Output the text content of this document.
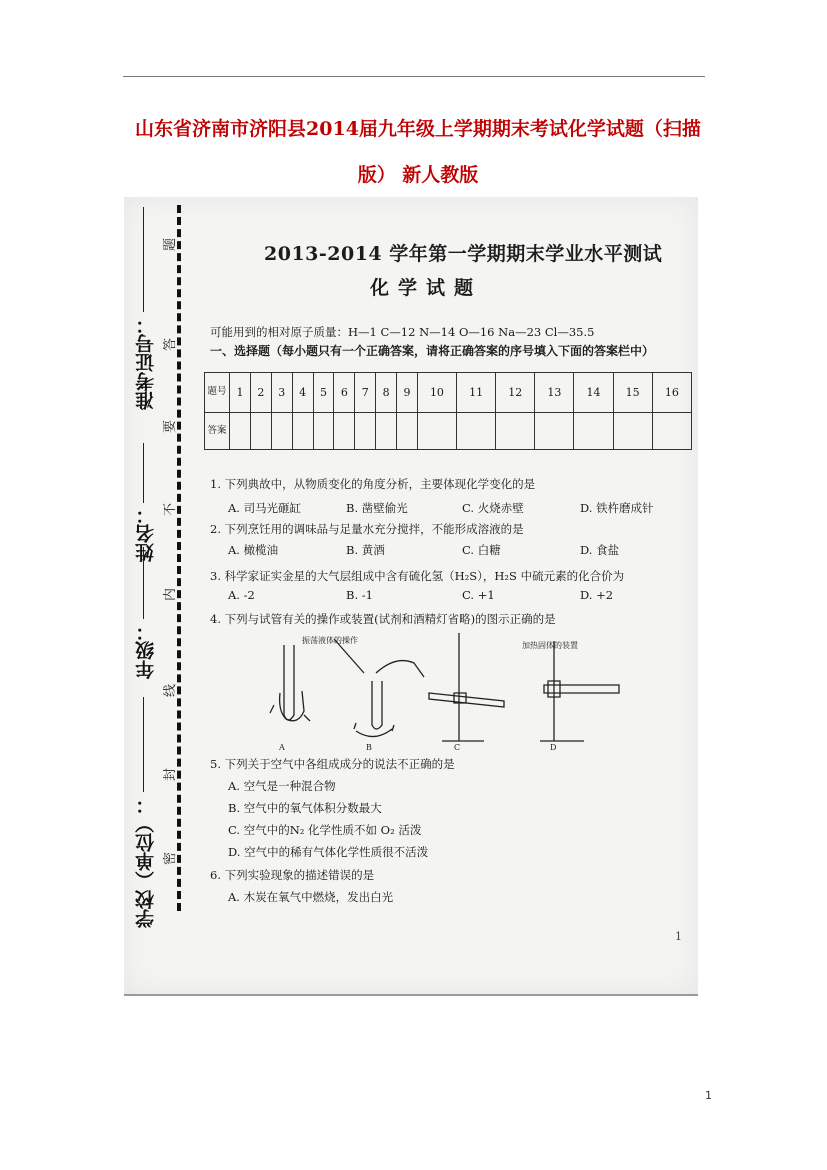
山东省济南市济阳县2014届九年级上学期期末考试化学试题（扫描版） 新人教版
准考证号：
姓名：
年级：
学校（单位）：
题
答
要
不
内
线
封
密
2013-2014 学年第一学期期末学业水平测试
化学试题
可能用到的相对原子质量：H—1 C—12 N—14 O—16 Na—23 Cl—35.5
一、选择题（每小题只有一个正确答案，请将正确答案的序号填入下面的答案栏中）
题号	1	2	3	4	5	6	7	8	9	10	11	12	13	14	15	16
答案																
1. 下列典故中，从物质变化的角度分析，主要体现化学变化的是
A. 司马光砸缸	B. 凿壁偷光	C. 火烧赤壁	D. 铁杵磨成针
2. 下列烹饪用的调味品与足量水充分搅拌，不能形成溶液的是
A. 橄榄油	B. 黄酒	C. 白糖	D. 食盐
3. 科学家证实金星的大气层组成中含有硫化氢（H₂S），H₂S 中硫元素的化合价为
A. -2	B. -1	C. +1	D. +2
4. 下列与试管有关的操作或装置(试剂和酒精灯省略)的图示正确的是
振荡液体的操作
加热固体的装置
A	B	C	D
5. 下列关于空气中各组成成分的说法不正确的是
A. 空气是一种混合物
B. 空气中的氧气体积分数最大
C. 空气中的N₂ 化学性质不如 O₂ 活泼
D. 空气中的稀有气体化学性质很不活泼
6. 下列实验现象的描述错误的是
A. 木炭在氧气中燃烧，发出白光
1
1
